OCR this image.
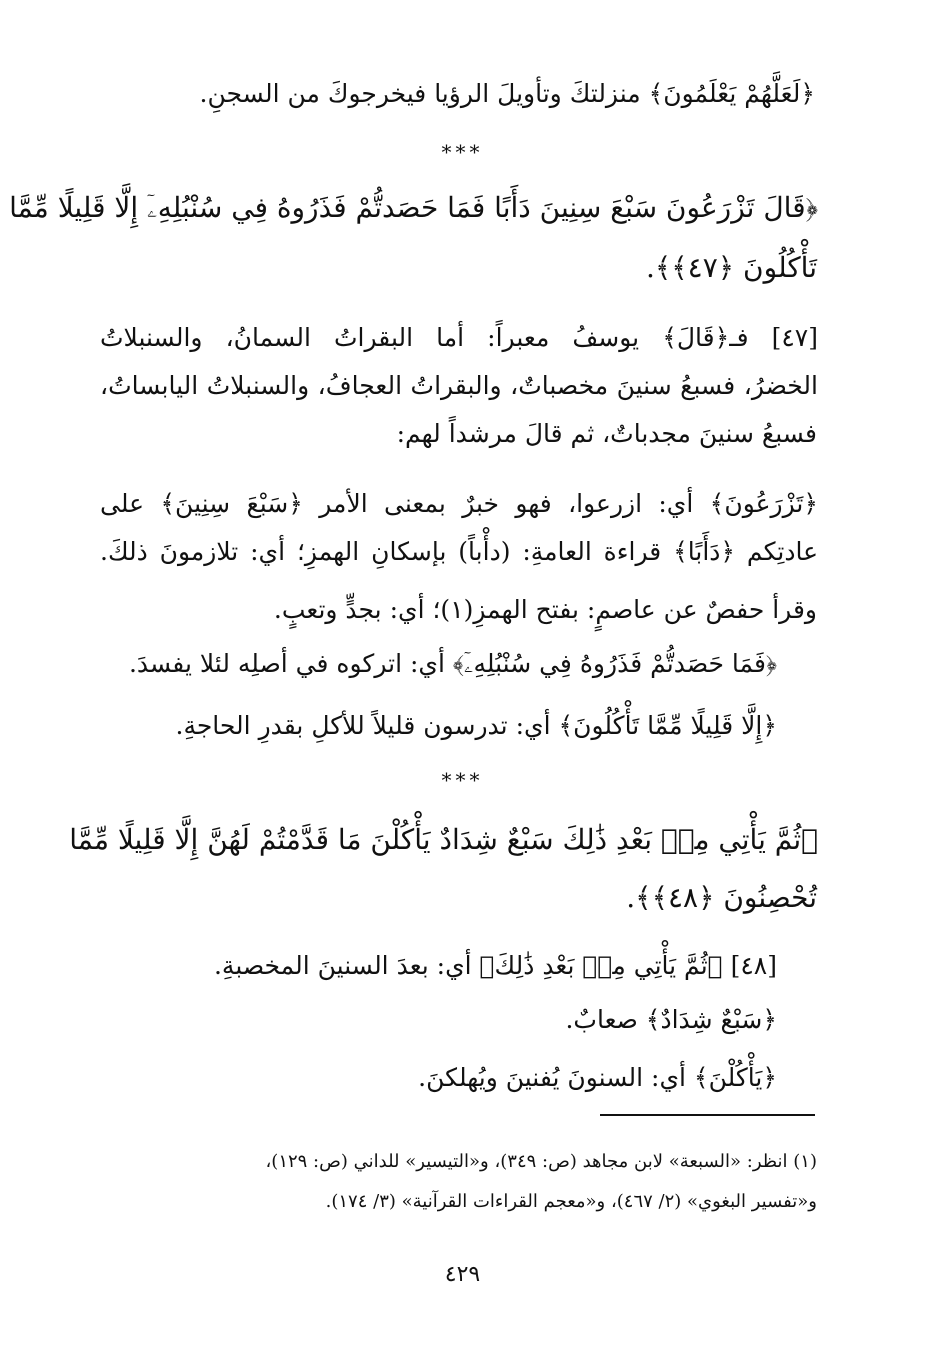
﴿لَعَلَّهُمْ يَعْلَمُونَ﴾ منزلتكَ وتأويلَ الرؤيا فيخرجوكَ من السجنِ.
***
﴿قَالَ تَزْرَعُونَ سَبْعَ سِنِينَ دَأَبًا فَمَا حَصَدتُّمْ فَذَرُوهُ فِي سُنْبُلِهِۦٓ إِلَّا قَلِيلًا مِّمَّا
تَأْكُلُونَ ﴿٤٧﴾﴾.
[٤٧] فـ﴿قَالَ﴾ يوسفُ معبراً: أما البقراتُ السمانُ، والسنبلاتُ
الخضرُ، فسبعُ سنينَ مخصباتٌ، والبقراتُ العجافُ، والسنبلاتُ اليابساتُ،
فسبعُ سنينَ مجدباتٌ، ثم قالَ مرشداً لهم:
﴿تَزْرَعُونَ﴾ أي: ازرعوا، فهو خبرٌ بمعنى الأمر ﴿سَبْعَ سِنِينَ﴾ على
عادتِكم ﴿دَأَبًا﴾ قراءة العامةِ: (دأْباً) بإسكانِ الهمزِ؛ أي: تلازمونَ ذلكَ.
وقرأ حفصٌ عن عاصمٍ: بفتح الهمزِ(١)؛ أي: بجدٍّ وتعبٍ.
﴿فَمَا حَصَدتُّمْ فَذَرُوهُ فِي سُنْبُلِهِۦٓ﴾ أي: اتركوه في أصلِه لئلا يفسدَ.
﴿إِلَّا قَلِيلًا مِّمَّا تَأْكُلُونَ﴾ أي: تدرسون قليلاً للأكلِ بقدرِ الحاجةِ.
***
﴿ثُمَّ يَأْتِي مِنۢ بَعْدِ ذَٰلِكَ سَبْعٌ شِدَادٌ يَأْكُلْنَ مَا قَدَّمْتُمْ لَهُنَّ إِلَّا قَلِيلًا مِّمَّا
تُحْصِنُونَ ﴿٤٨﴾﴾.
[٤٨] ﴿ثُمَّ يَأْتِي مِنۢ بَعْدِ ذَٰلِكَ﴾ أي: بعدَ السنينَ المخصبةِ.
﴿سَبْعٌ شِدَادٌ﴾ صعابٌ.
﴿يَأْكُلْنَ﴾ أي: السنونَ يُفنينَ ويُهلكنَ.
(١) انظر: «السبعة» لابن مجاهد (ص: ٣٤٩)، و«التيسير» للداني (ص: ١٢٩)،
و«تفسير البغوي» (٢/ ٤٦٧)، و«معجم القراءات القرآنية» (٣/ ١٧٤).
٤٢٩
